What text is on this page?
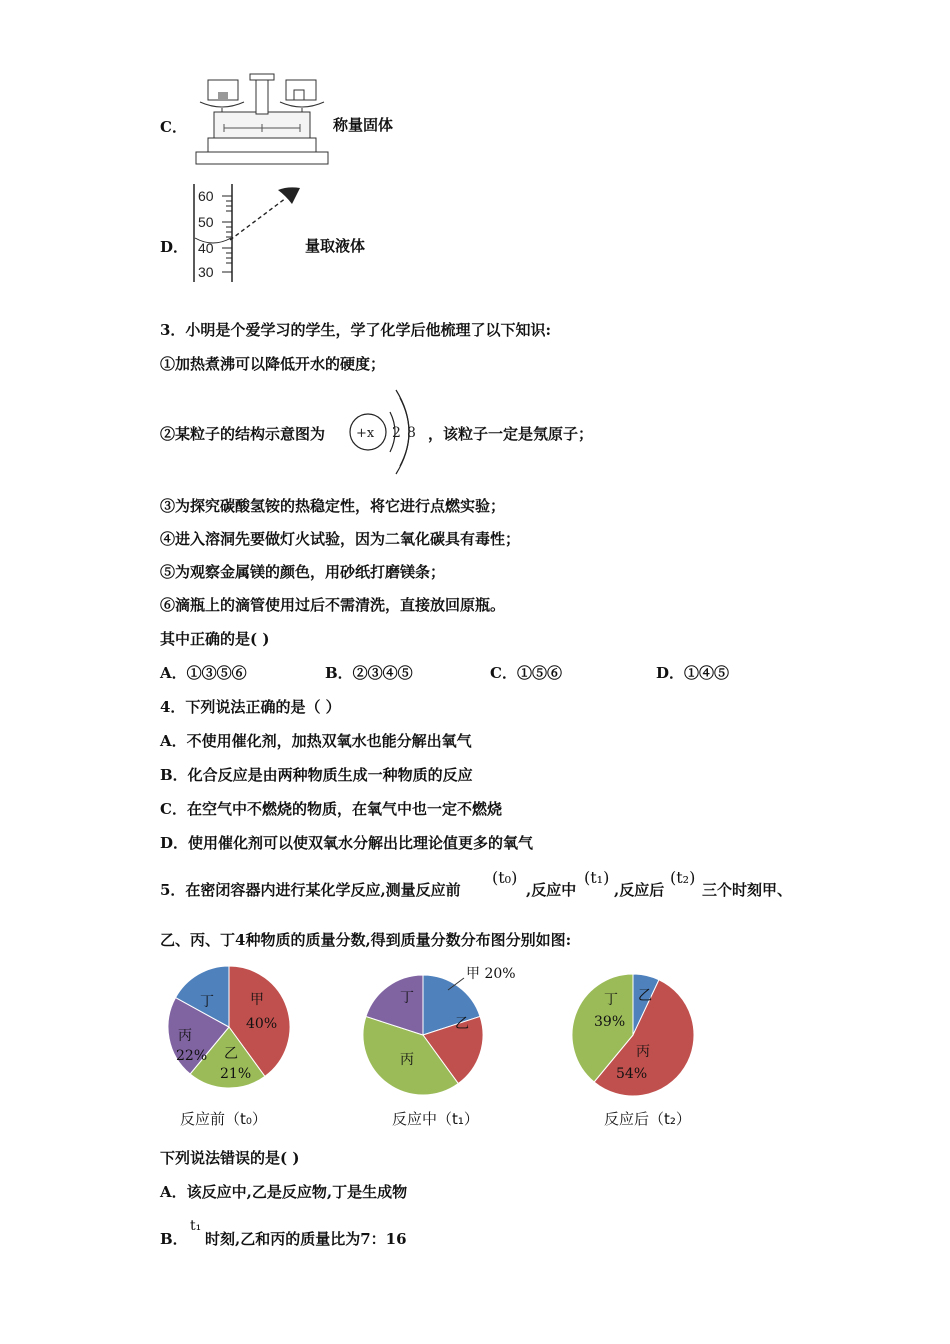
C．	称量固体
D．
60
50
40
30
量取液体
3．小明是个爱学习的学生，学了化学后他梳理了以下知识:
①加热煮沸可以降低开水的硬度；
②某粒子的结构示意图为 +x 2 8 ，该粒子一定是氖原子；
③为探究碳酸氢铵的热稳定性，将它进行点燃实验；
④进入溶洞先要做灯火试验，因为二氧化碳具有毒性；
⑤为观察金属镁的颜色，用砂纸打磨镁条；
⑥滴瓶上的滴管使用过后不需清洗，直接放回原瓶。
其中正确的是( )
A．①③⑤⑥	B．②③④⑤	C．①⑤⑥	D．①④⑤
4．下列说法正确的是（ ）
A．不使用催化剂，加热双氧水也能分解出氧气
B．化合反应是由两种物质生成一种物质的反应
C．在空气中不燃烧的物质，在氧气中也一定不燃烧
D．使用催化剂可以使双氧水分解出比理论值更多的氧气
5．在密闭容器内进行某化学反应,测量反应前
(t₀)
,反应中
(t₁)
,反应后
(t₂)
三个时刻甲、
乙、丙、丁4种物质的质量分数,得到质量分数分布图分别如图:
甲
40%
乙
21%
丙
22%
丁
乙
丙
丁
甲 20%
乙
丙
54%
丁
39%
反应前（t₀）	反应中（t₁）	反应后（t₂）
下列说法错误的是( )
A．该反应中,乙是反应物,丁是生成物
B．
t₁
时刻,乙和丙的质量比为7：16
